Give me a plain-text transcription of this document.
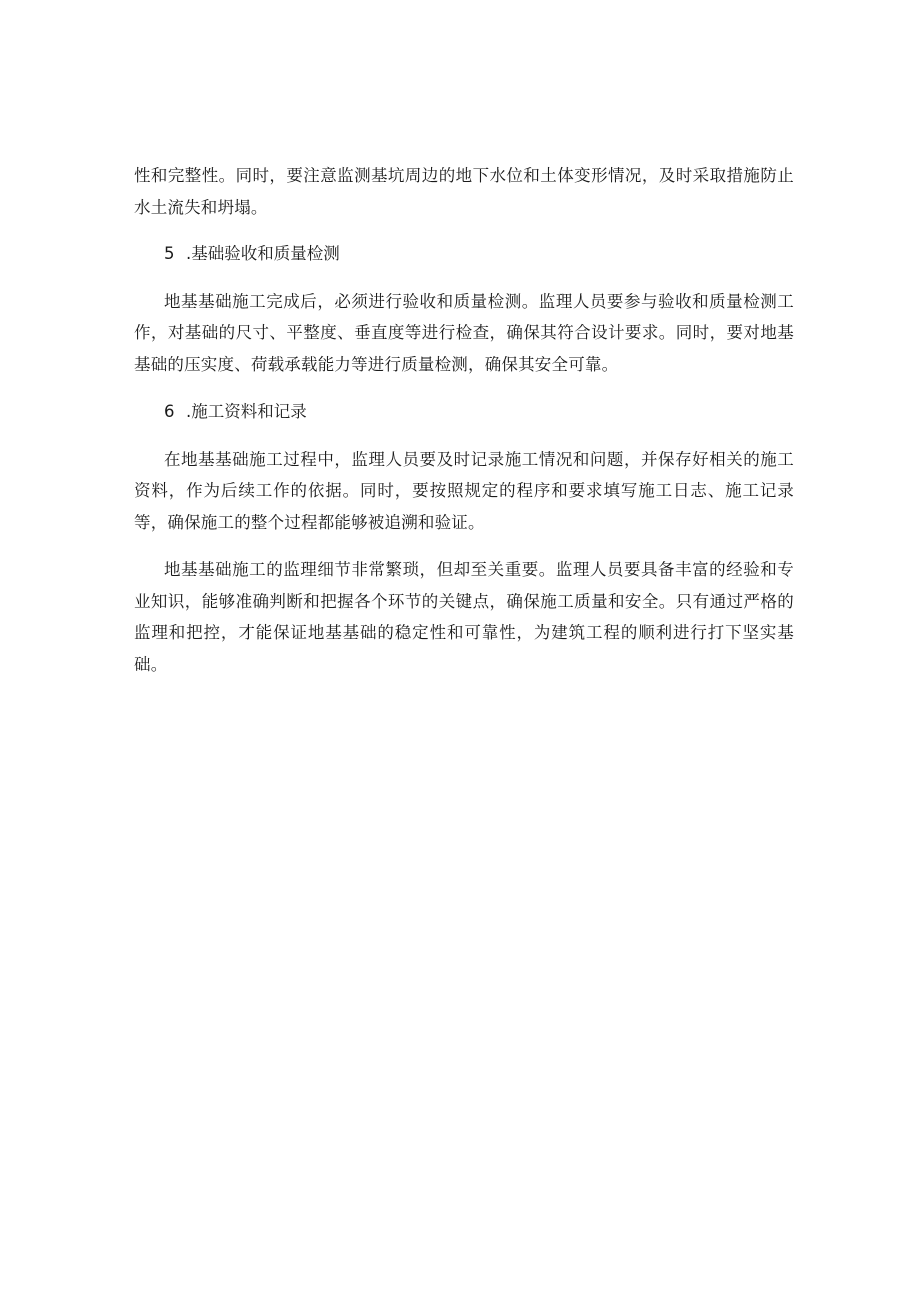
性和完整性。同时，要注意监测基坑周边的地下水位和土体变形情况，及时采取措施防止水土流失和坍塌。

5 .基础验收和质量检测

地基基础施工完成后，必须进行验收和质量检测。监理人员要参与验收和质量检测工作，对基础的尺寸、平整度、垂直度等进行检查，确保其符合设计要求。同时，要对地基基础的压实度、荷载承载能力等进行质量检测，确保其安全可靠。

6 .施工资料和记录

在地基基础施工过程中，监理人员要及时记录施工情况和问题，并保存好相关的施工资料，作为后续工作的依据。同时，要按照规定的程序和要求填写施工日志、施工记录等，确保施工的整个过程都能够被追溯和验证。

地基基础施工的监理细节非常繁琐，但却至关重要。监理人员要具备丰富的经验和专业知识，能够准确判断和把握各个环节的关键点，确保施工质量和安全。只有通过严格的监理和把控，才能保证地基基础的稳定性和可靠性，为建筑工程的顺利进行打下坚实基础。
